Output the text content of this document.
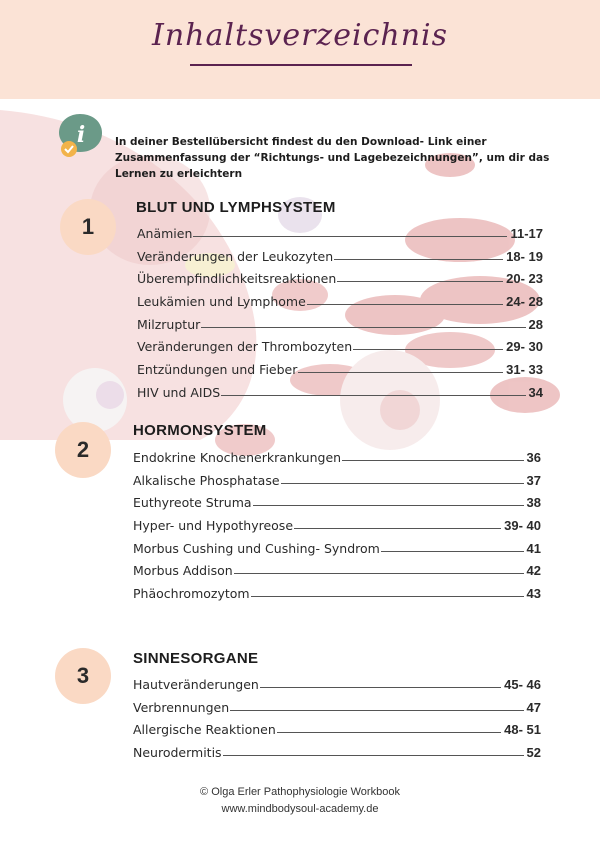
Inhaltsverzeichnis
i	In deiner Bestellübersicht findest du den Download- Link einer Zusammenfassung der “Richtungs- und Lagebezeichnungen”, um dir das Lernen zu erleichtern
1
BLUT UND LYMPHSYSTEM
Anämien	11-17
Veränderungen der Leukozyten	18- 19
Überempfindlichkeitsreaktionen	20- 23
Leukämien und Lymphome	24- 28
Milzruptur	28
Veränderungen der Thrombozyten	29- 30
Entzündungen und Fieber	31- 33
HIV und AIDS	34
2
HORMONSYSTEM
Endokrine Knochenerkrankungen	36
Alkalische Phosphatase	37
Euthyreote Struma	38
Hyper- und Hypothyreose	39- 40
Morbus Cushing und Cushing- Syndrom	41
Morbus Addison	42
Phäochromozytom	43
3
SINNESORGANE
Hautveränderungen	45- 46
Verbrennungen	47
Allergische Reaktionen	48- 51
Neurodermitis	52
© Olga Erler Pathophysiologie Workbook
www.mindbodysoul-academy.de
